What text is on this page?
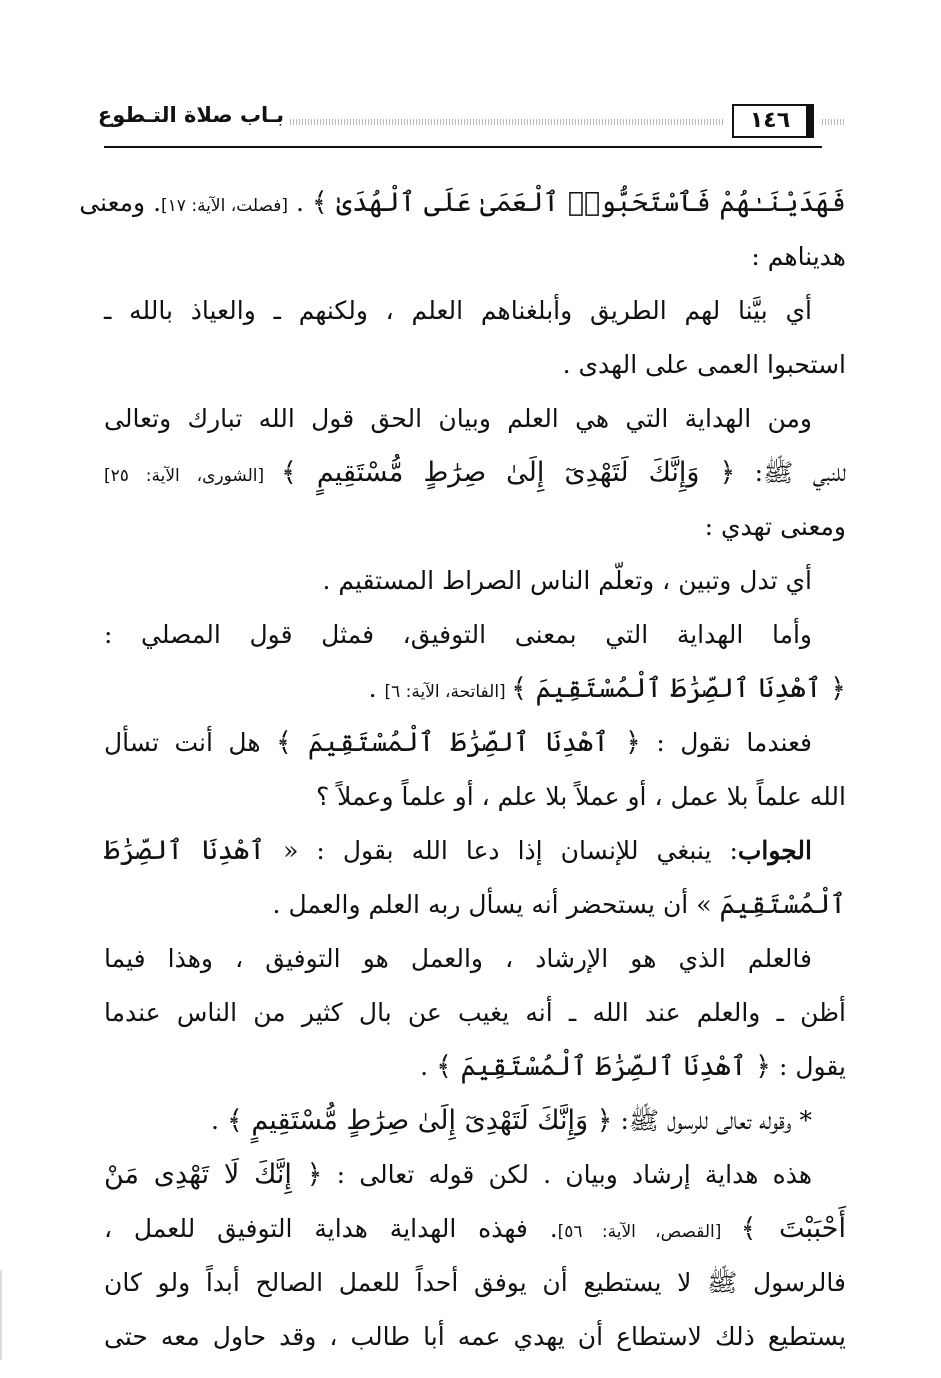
بـاب صلاة التـطوع	١٤٦
فَهَدَيْنَـٰهُمْ فَٱسْتَحَبُّوا۟ ٱلْعَمَىٰ عَلَى ٱلْهُدَىٰ ﴾ . [فصلت، الآية: ١٧]. ومعنى
هديناهم :
أي بيَّنا لهم الطريق وأبلغناهم العلم ، ولكنهم ـ والعياذ بالله ـ
استحبوا العمى على الهدى .
ومن الهداية التي هي العلم وبيان الحق قول الله تبارك وتعالى
للنبي ﷺ: ﴿ وَإِنَّكَ لَتَهْدِىٓ إِلَىٰ صِرَٰطٍ مُّسْتَقِيمٍ ﴾ [الشورى، الآية: ٢٥]
ومعنى تهدي :
أي تدل وتبين ، وتعلّم الناس الصراط المستقيم .
وأما الهداية التي بمعنى التوفيق، فمثل قول المصلي :
﴿ ٱهْدِنَا ٱلصِّرَٰطَ ٱلْمُسْتَقِيمَ ﴾ [الفاتحة، الآية: ٦] .
فعندما نقول : ﴿ ٱهْدِنَا ٱلصِّرَٰطَ ٱلْمُسْتَقِيمَ ﴾ هل أنت تسأل
الله علماً بلا عمل ، أو عملاً بلا علم ، أو علماً وعملاً ؟
الجواب: ينبغي للإنسان إذا دعا الله بقول : « ٱهْدِنَا ٱلصِّرَٰطَ
ٱلْمُسْتَقِيمَ » أن يستحضر أنه يسأل ربه العلم والعمل .
فالعلم الذي هو الإرشاد ، والعمل هو التوفيق ، وهذا فيما
أظن ـ والعلم عند الله ـ أنه يغيب عن بال كثير من الناس عندما
يقول : ﴿ ٱهْدِنَا ٱلصِّرَٰطَ ٱلْمُسْتَقِيمَ ﴾ .
* وقوله تعالى للرسول ﷺ: ﴿ وَإِنَّكَ لَتَهْدِىٓ إِلَىٰ صِرَٰطٍ مُّسْتَقِيمٍ ﴾ .
هذه هداية إرشاد وبيان . لكن قوله تعالى : ﴿ إِنَّكَ لَا تَهْدِى مَنْ
أَحْبَبْتَ ﴾ [القصص، الآية: ٥٦]. فهذه الهداية هداية التوفيق للعمل ،
فالرسول ﷺ لا يستطيع أن يوفق أحداً للعمل الصالح أبداً ولو كان
يستطيع ذلك لاستطاع أن يهدي عمه أبا طالب ، وقد حاول معه حتى
